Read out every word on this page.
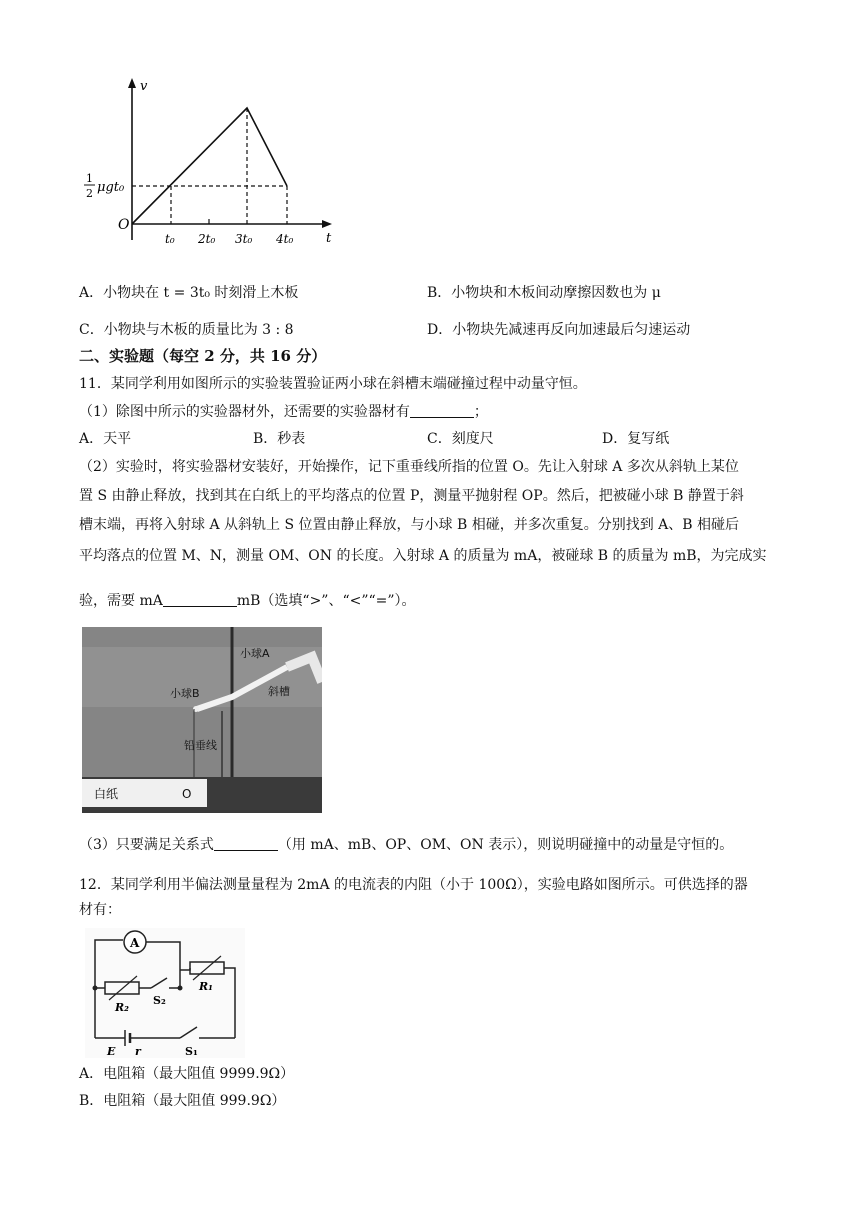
v
t
O
1
2 μgt₀
t₀ 2t₀ 3t₀ 4t₀
A．小物块在 t = 3t₀ 时刻滑上木板	B．小物块和木板间动摩擦因数也为 μ
C．小物块与木板的质量比为 3 : 8	D．小物块先减速再反向加速最后匀速运动
二、实验题（每空 2 分，共 16 分）
11．某同学利用如图所示的实验装置验证两小球在斜槽末端碰撞过程中动量守恒。
（1）除图中所示的实验器材外，还需要的实验器材有	；
A．天平	B．秒表	C．刻度尺	D．复写纸
（2）实验时，将实验器材安装好，开始操作，记下重垂线所指的位置 O。先让入射球 A 多次从斜轨上某位
置 S 由静止释放，找到其在白纸上的平均落点的位置 P，测量平抛射程 OP。然后，把被碰小球 B 静置于斜
槽末端，再将入射球 A 从斜轨上 S 位置由静止释放，与小球 B 相碰，并多次重复。分别找到 A、B 相碰后
平均落点的位置 M、N，测量 OM、ON 的长度。入射球 A 的质量为 mA，被碰球 B 的质量为 mB，为完成实
验，需要 mA	mB（选填“>”、“<”“=”）。
小球A
小球B	斜槽
铅垂线
白纸	O
（3）只要满足关系式	（用 mA、mB、OP、OM、ON 表示），则说明碰撞中的动量是守恒的。
12．某同学利用半偏法测量量程为 2mA 的电流表的内阻（小于 100Ω），实验电路如图所示。可供选择的器
材有：
A
R₂
S₂
R₁
E r	S₁
A．电阻箱（最大阻值 9999.9Ω）
B．电阻箱（最大阻值 999.9Ω）
